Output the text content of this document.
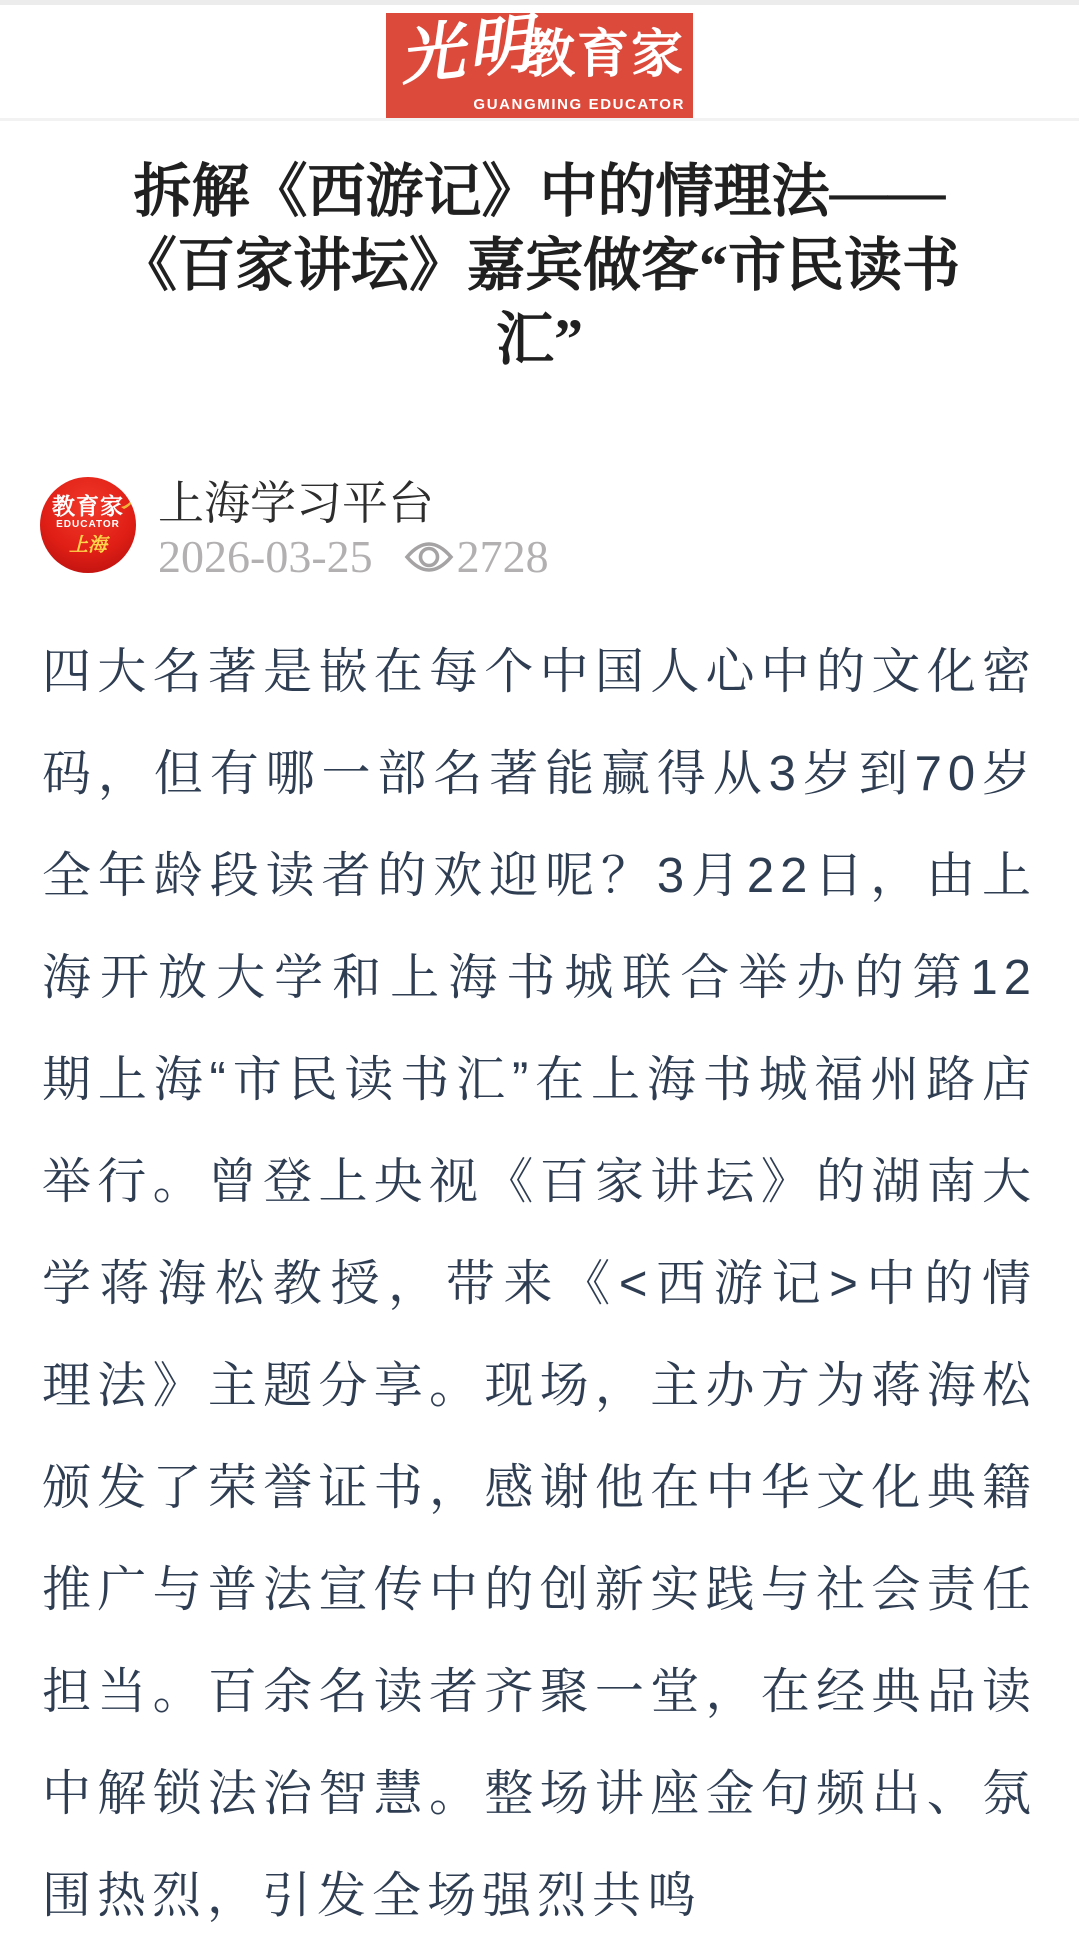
光明
教育家
GUANGMING EDUCATOR
拆解《西游记》中的情理法——
《百家讲坛》嘉宾做客“市民读书
汇”
教育家
EDUCATOR
上海
上海学习平台
2026-03-25 2728

四大名著是嵌在每个中国人心中的文化密码，但有哪一部名著能赢得从3岁到70岁全年龄段读者的欢迎呢？3月22日，由上海开放大学和上海书城联合举办的第12期上海“市民读书汇”在上海书城福州路店举行。曾登上央视《百家讲坛》的湖南大学蒋海松教授，带来《<西游记>中的情理法》主题分享。现场，主办方为蒋海松颁发了荣誉证书，感谢他在中华文化典籍推广与普法宣传中的创新实践与社会责任担当。百余名读者齐聚一堂，在经典品读中解锁法治智慧。整场讲座金句频出、氛围热烈，引发全场强烈共鸣
